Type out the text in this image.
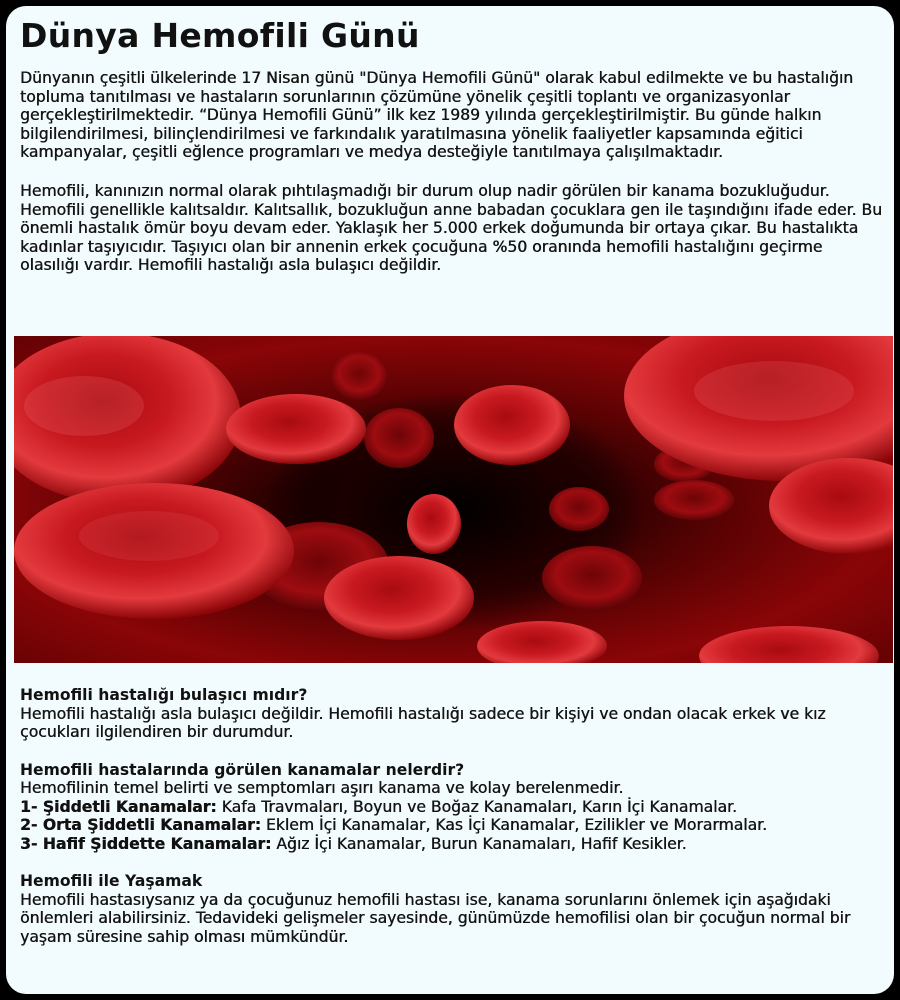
Dünya Hemofili Günü

Dünyanın çeşitli ülkelerinde 17 Nisan günü "Dünya Hemofili Günü" olarak kabul edilmekte ve bu hastalığın topluma tanıtılması ve hastaların sorunlarının çözümüne yönelik çeşitli toplantı ve organizasyonlar gerçekleştirilmektedir. “Dünya Hemofili Günü” ilk kez 1989 yılında gerçekleştirilmiştir. Bu günde halkın bilgilendirilmesi, bilinçlendirilmesi ve farkındalık yaratılmasına yönelik faaliyetler kapsamında eğitici kampanyalar, çeşitli eğlence programları ve medya desteğiyle tanıtılmaya çalışılmaktadır.

Hemofili, kanınızın normal olarak pıhtılaşmadığı bir durum olup nadir görülen bir kanama bozukluğudur. Hemofili genellikle kalıtsaldır. Kalıtsallık, bozukluğun anne babadan çocuklara gen ile taşındığını ifade eder. Bu önemli hastalık ömür boyu devam eder. Yaklaşık her 5.000 erkek doğumunda bir ortaya çıkar. Bu hastalıkta kadınlar taşıyıcıdır. Taşıyıcı olan bir annenin erkek çocuğuna %50 oranında hemofili hastalığını geçirme olasılığı vardır. Hemofili hastalığı asla bulaşıcı değildir.

Hemofili hastalığı bulaşıcı mıdır?
Hemofili hastalığı asla bulaşıcı değildir. Hemofili hastalığı sadece bir kişiyi ve ondan olacak erkek ve kız çocukları ilgilendiren bir durumdur.
Hemofili hastalarında görülen kanamalar nelerdir?
Hemofilinin temel belirti ve semptomları aşırı kanama ve kolay berelenmedir.
1- Şiddetli Kanamalar: Kafa Travmaları, Boyun ve Boğaz Kanamaları, Karın İçi Kanamalar.
2- Orta Şiddetli Kanamalar: Eklem İçi Kanamalar, Kas İçi Kanamalar, Ezilikler ve Morarmalar.
3- Hafif Şiddette Kanamalar: Ağız İçi Kanamalar, Burun Kanamaları, Hafif Kesikler.
Hemofili ile Yaşamak
Hemofili hastasıysanız ya da çocuğunuz hemofili hastası ise, kanama sorunlarını önlemek için aşağıdaki önlemleri alabilirsiniz. Tedavideki gelişmeler sayesinde, günümüzde hemofilisi olan bir çocuğun normal bir yaşam süresine sahip olması mümkündür.
